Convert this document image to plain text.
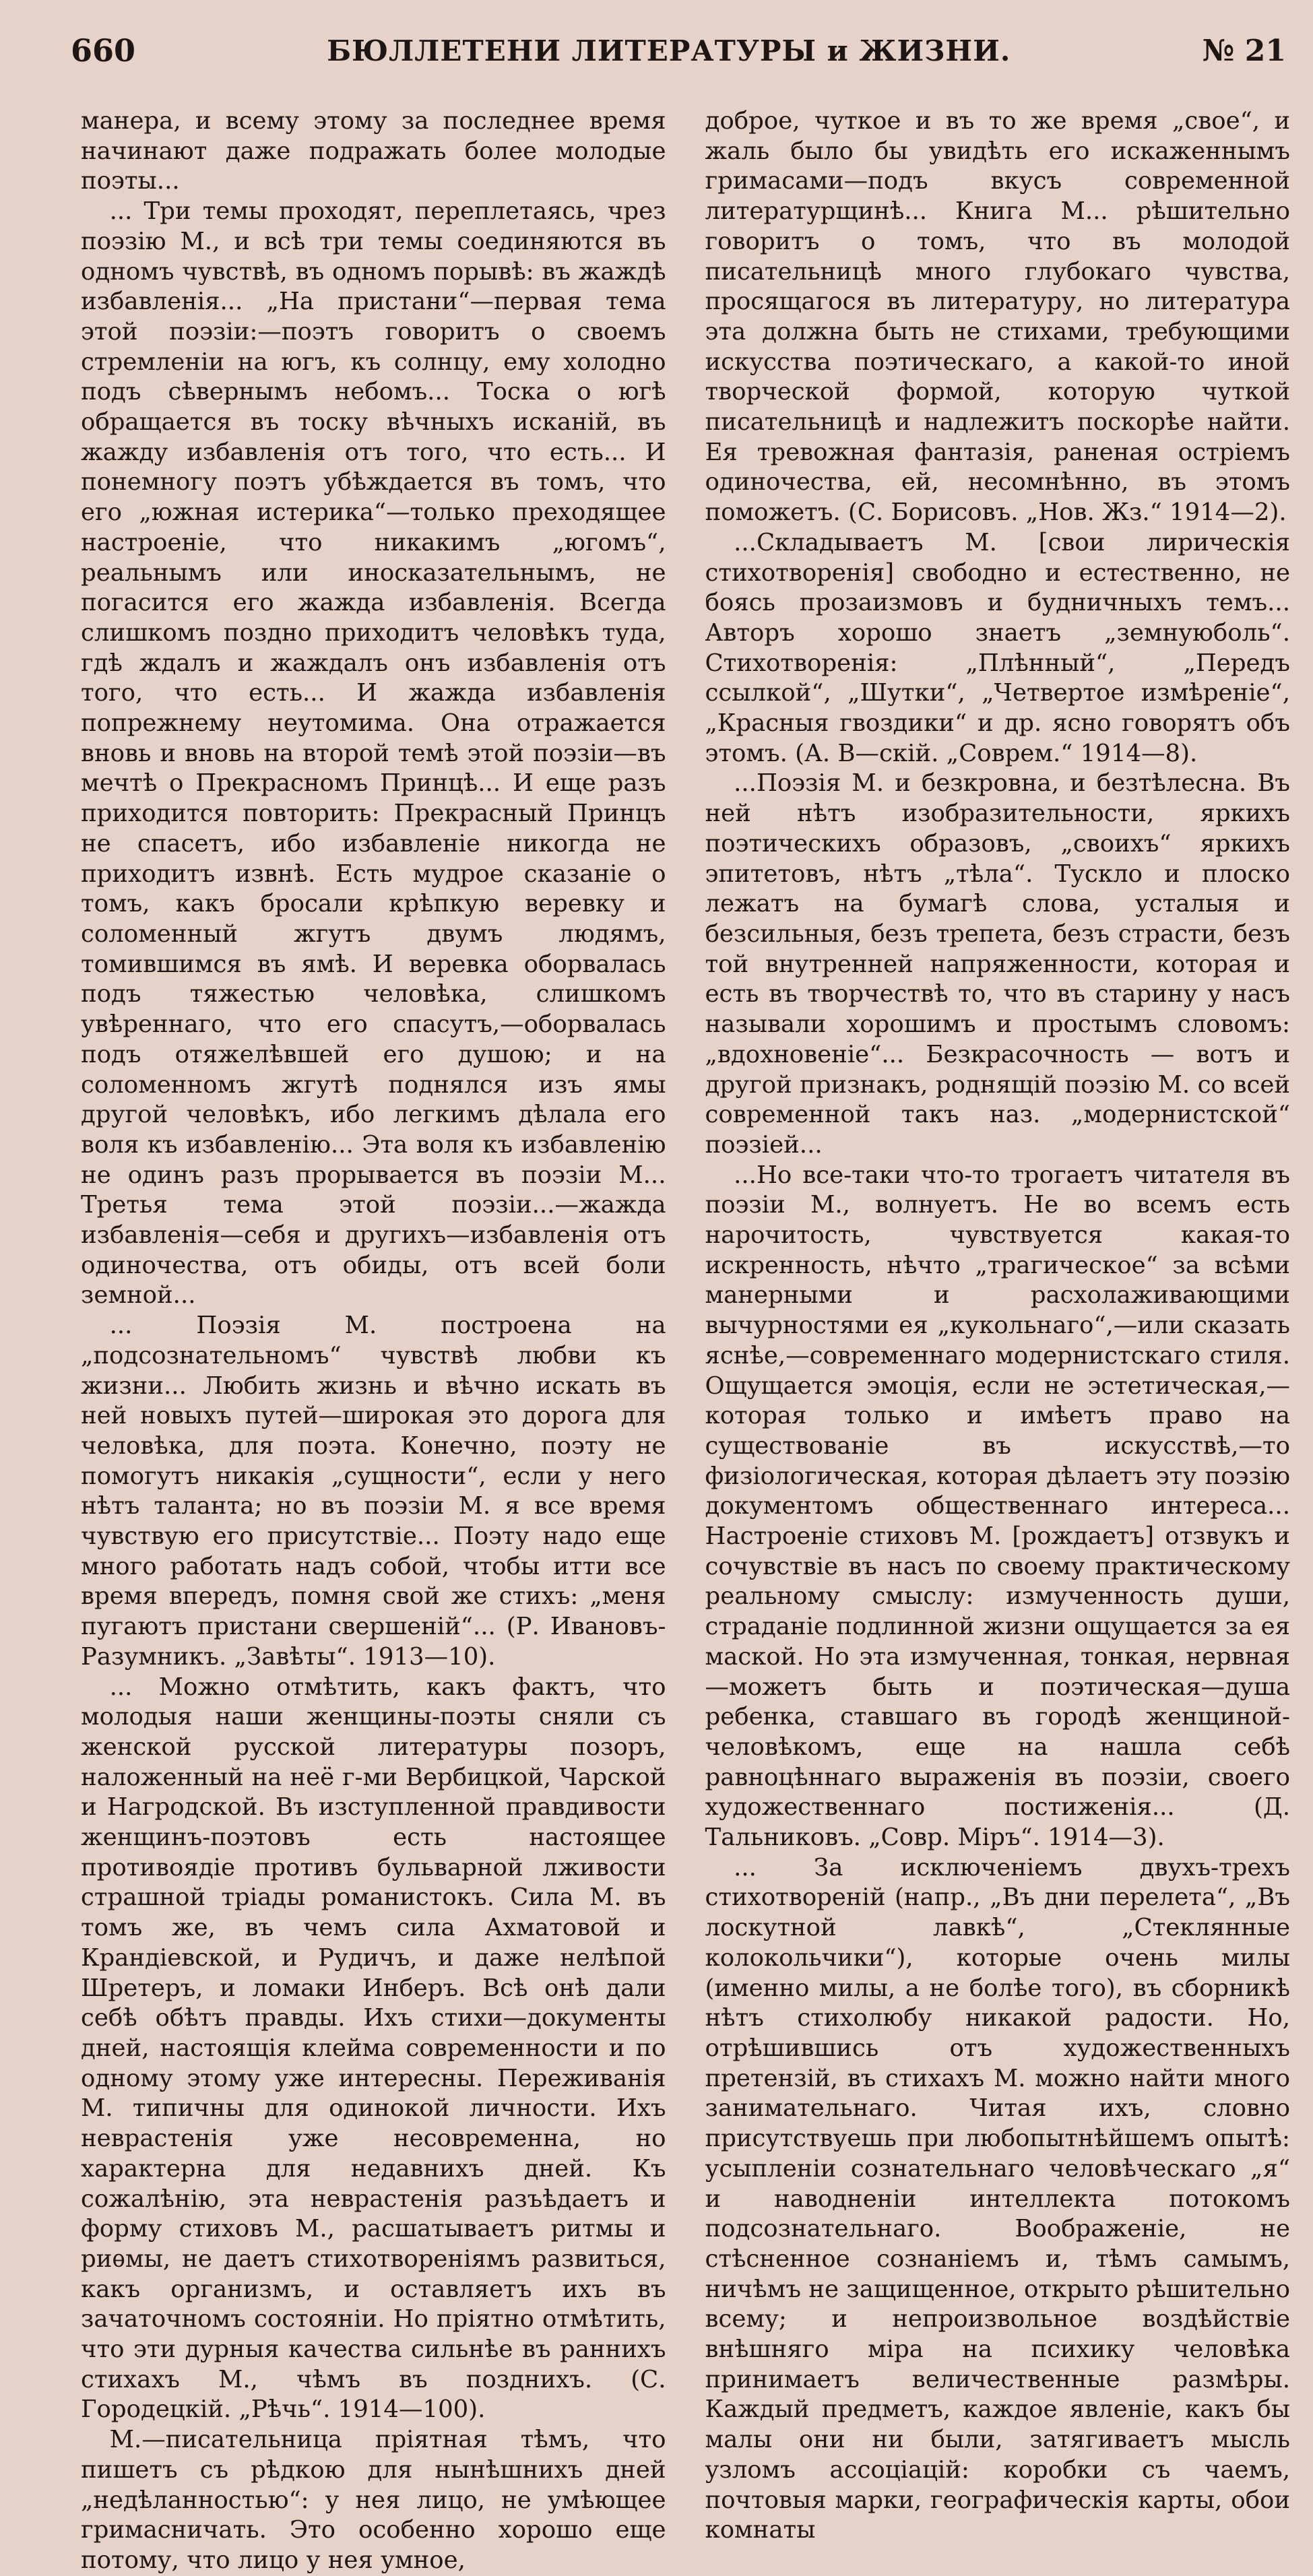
660	БЮЛЛЕТЕНИ ЛИТЕРАТУРЫ и ЖИЗНИ.	№ 21

манера, и всему этому за последнее время начинают даже подражать более молодые поэты...

... Три темы проходят, переплетаясь, чрез поэзію М., и всѣ три темы соединяются въ одномъ чувствѣ, въ одномъ порывѣ: въ жаждѣ избавленія... „На пристани“—первая тема этой поэзіи:—поэтъ говоритъ о своемъ стремленіи на югъ, къ солнцу, ему холодно подъ сѣвернымъ небомъ... Тоска о югѣ обращается въ тоску вѣчныхъ исканій, въ жажду избавленія отъ того, что есть... И понемногу поэтъ убѣждается въ томъ, что его „южная истерика“—только преходящее настроеніе, что никакимъ „югомъ“, реальнымъ или иносказательнымъ, не погасится его жажда избавленія. Всегда слишкомъ поздно приходитъ человѣкъ туда, гдѣ ждалъ и жаждалъ онъ избавленія отъ того, что есть... И жажда избавленія попрежнему неутомима. Она отражается вновь и вновь на второй темѣ этой поэзіи—въ мечтѣ о Прекрасномъ Принцѣ... И еще разъ приходится повторить: Прекрасный Принцъ не спасетъ, ибо избавленіе никогда не приходитъ извнѣ. Есть мудрое сказаніе о томъ, какъ бросали крѣпкую веревку и соломенный жгутъ двумъ людямъ, томившимся въ ямѣ. И веревка оборвалась подъ тяжестью человѣка, слишкомъ увѣреннаго, что его спасутъ,—оборвалась подъ отяжелѣвшей его душою; и на соломенномъ жгутѣ поднялся изъ ямы другой человѣкъ, ибо легкимъ дѣлала его воля къ избавленію... Эта воля къ избавленію не одинъ разъ прорывается въ поэзіи М... Третья тема этой поэзіи...—жажда избавленія—себя и другихъ—избавленія отъ одиночества, отъ обиды, отъ всей боли земной...

... Поэзія М. построена на „подсознательномъ“ чувствѣ любви къ жизни... Любить жизнь и вѣчно искать въ ней новыхъ путей—широкая это дорога для человѣка, для поэта. Конечно, поэту не помогутъ никакія „сущности“, если у него нѣтъ таланта; но въ поэзіи М. я все время чувствую его присутствіе... Поэту надо еще много работать надъ собой, чтобы итти все время впередъ, помня свой же стихъ: „меня пугаютъ пристани свершеній“... (Р. Ивановъ-Разумникъ. „Завѣты“. 1913—10).

... Можно отмѣтить, какъ фактъ, что молодыя наши женщины-поэты сняли съ женской русской литературы позоръ, наложенный на неё г-ми Вербицкой, Чарской и Нагродской. Въ изступленной правдивости женщинъ-поэтовъ есть настоящее противоядіе противъ бульварной лживости страшной тріады романистокъ. Сила М. въ томъ же, въ чемъ сила Ахматовой и Крандіевской, и Рудичъ, и даже нелѣпой Шретеръ, и ломаки Инберъ. Всѣ онѣ дали себѣ обѣтъ правды. Ихъ стихи—документы дней, настоящія клейма современности и по одному этому уже интересны. Переживанія М. типичны для одинокой личности. Ихъ неврастенія уже несовременна, но характерна для недавнихъ дней. Къ сожалѣнію, эта неврастенія разъѣдаетъ и форму стиховъ М., расшатываетъ ритмы и риѳмы, не даетъ стихотвореніямъ развиться, какъ организмъ, и оставляетъ ихъ въ зачаточномъ состояніи. Но пріятно отмѣтить, что эти дурныя качества сильнѣе въ раннихъ стихахъ М., чѣмъ въ позднихъ. (С. Городецкій. „Рѣчь“. 1914—100).

М.—писательница пріятная тѣмъ, что пишетъ съ рѣдкою для нынѣшнихъ дней „недѣланностью“: у нея лицо, не умѣющее гримасничать. Это особенно хорошо еще потому, что лицо у нея умное,

доброе, чуткое и въ то же время „свое“, и жаль было бы увидѣть его искаженнымъ гримасами—подъ вкусъ современной литературщинѣ... Книга М... рѣшительно говоритъ о томъ, что въ молодой писательницѣ много глубокаго чувства, просящагося въ литературу, но литература эта должна быть не стихами, требующими искусства поэтическаго, а какой-то иной творческой формой, которую чуткой писательницѣ и надлежитъ поскорѣе найти. Ея тревожная фантазія, раненая остріемъ одиночества, ей, несомнѣнно, въ этомъ поможетъ. (С. Борисовъ. „Нов. Жз.“ 1914—2).

...Складываетъ М. [свои лирическія стихотворенія] свободно и естественно, не боясь прозаизмовъ и будничныхъ темъ... Авторъ хорошо знаетъ „земнуюболь“. Стихотворенія: „Плѣнный“, „Передъ ссылкой“, „Шутки“, „Четвертое измѣреніе“, „Красныя гвоздики“ и др. ясно говорятъ объ этомъ. (А. В—скій. „Соврем.“ 1914—8).

...Поэзія М. и безкровна, и безтѣлесна. Въ ней нѣтъ изобразительности, яркихъ поэтическихъ образовъ, „своихъ“ яркихъ эпитетовъ, нѣтъ „тѣла“. Тускло и плоско лежатъ на бумагѣ слова, усталыя и безсильныя, безъ трепета, безъ страсти, безъ той внутренней напряженности, которая и есть въ творчествѣ то, что въ старину у насъ называли хорошимъ и простымъ словомъ: „вдохновеніе“... Безкрасочность — вотъ и другой признакъ, роднящій поэзію М. со всей современной такъ наз. „модернистской“ поэзіей...

...Но все-таки что-то трогаетъ читателя въ поэзіи М., волнуетъ. Не во всемъ есть нарочитость, чувствуется какая-то искренность, нѣчто „трагическое“ за всѣми манерными и расхолаживающими вычурностями ея „кукольнаго“,—или сказать яснѣе,—современнаго модернистскаго стиля. Ощущается эмоція, если не эстетическая,—которая только и имѣетъ право на существованіе въ искусствѣ,—то физіологическая, которая дѣлаетъ эту поэзію документомъ общественнаго интереса... Настроеніе стиховъ М. [рождаетъ] отзвукъ и сочувствіе въ насъ по своему практическому реальному смыслу: измученность души, страданіе подлинной жизни ощущается за ея маской. Но эта измученная, тонкая, нервная—можетъ быть и поэтическая—душа ребенка, ставшаго въ городѣ женщиной-человѣкомъ, еще на нашла себѣ равноцѣннаго выраженія въ поэзіи, своего художественнаго постиженія... (Д. Тальниковъ. „Совр. Міръ“. 1914—3).

... За исключеніемъ двухъ-трехъ стихотвореній (напр., „Въ дни перелета“, „Въ лоскутной лавкѣ“, „Стеклянные колокольчики“), которые очень милы (именно милы, а не болѣе того), въ сборникѣ нѣтъ стихолюбу никакой радости. Но, отрѣшившись отъ художественныхъ претензій, въ стихахъ М. можно найти много занимательнаго. Читая ихъ, словно присутствуешь при любопытнѣйшемъ опытѣ: усыпленіи сознательнаго человѣческаго „я“ и наводненіи интеллекта потокомъ подсознательнаго. Воображеніе, не стѣсненное сознаніемъ и, тѣмъ самымъ, ничѣмъ не защищенное, открыто рѣшительно всему; и непроизвольное воздѣйствіе внѣшняго міра на психику человѣка принимаетъ величественные размѣры. Каждый предметъ, каждое явленіе, какъ бы малы они ни были, затягиваетъ мысль узломъ ассоціацій: коробки съ чаемъ, почтовыя марки, географическія карты, обои комнаты
